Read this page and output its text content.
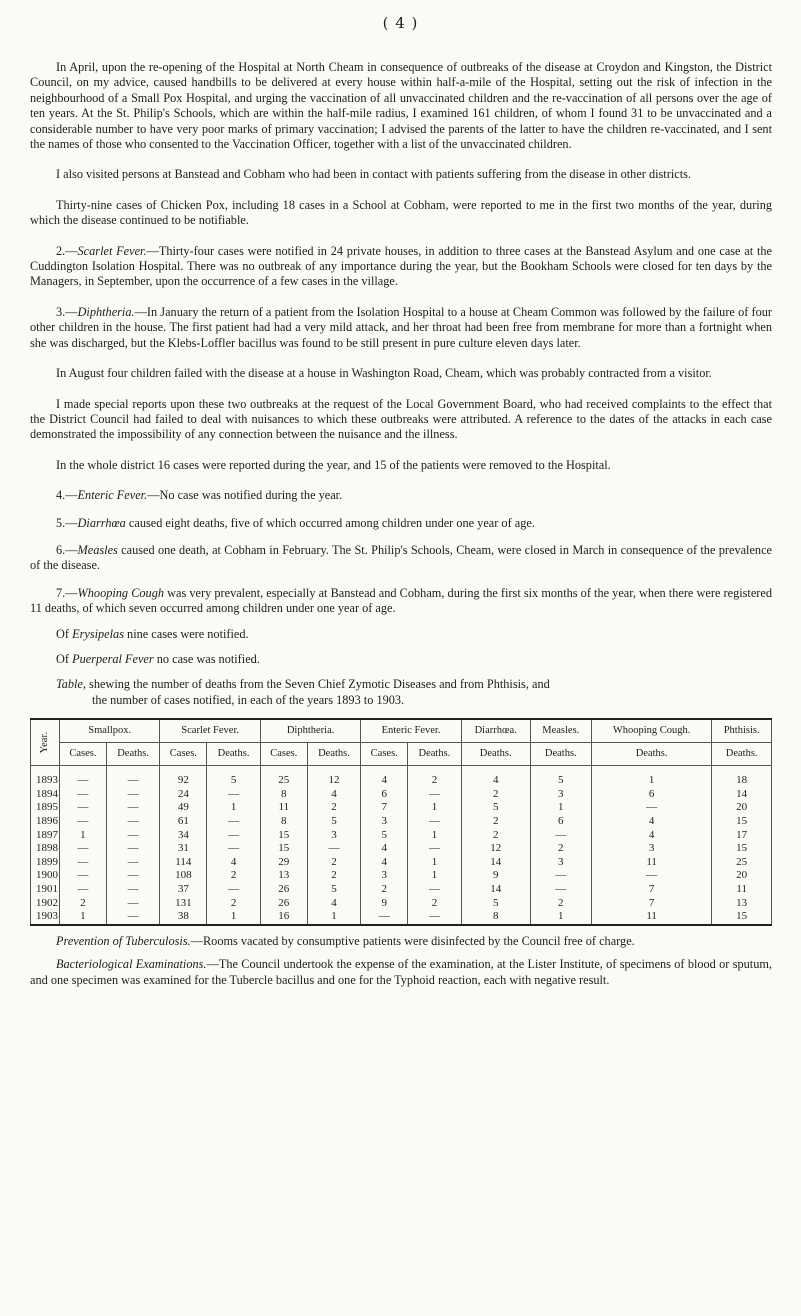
( 4 )

In April, upon the re-opening of the Hospital at North Cheam in consequence of outbreaks of the disease at Croydon and Kingston, the District Council, on my advice, caused handbills to be delivered at every house within half-a-mile of the Hospital, setting out the risk of infection in the neighbourhood of a Small Pox Hospital, and urging the vaccination of all unvaccinated children and the re-vaccination of all persons over the age of ten years. At the St. Philip's Schools, which are within the half-mile radius, I examined 161 children, of whom I found 31 to be unvaccinated and a considerable number to have very poor marks of primary vaccination; I advised the parents of the latter to have the children re-vaccinated, and I sent the names of those who consented to the Vaccination Officer, together with a list of the unvaccinated children.

I also visited persons at Banstead and Cobham who had been in contact with patients suffering from the disease in other districts.

Thirty-nine cases of Chicken Pox, including 18 cases in a School at Cobham, were reported to me in the first two months of the year, during which the disease continued to be notifiable.

2.—Scarlet Fever.—Thirty-four cases were notified in 24 private houses, in addition to three cases at the Banstead Asylum and one case at the Cuddington Isolation Hospital. There was no outbreak of any importance during the year, but the Bookham Schools were closed for ten days by the Managers, in September, upon the occurrence of a few cases in the village.

3.—Diphtheria.—In January the return of a patient from the Isolation Hospital to a house at Cheam Common was followed by the failure of four other children in the house. The first patient had had a very mild attack, and her throat had been free from membrane for more than a fortnight when she was discharged, but the Klebs-Loffler bacillus was found to be still present in pure culture eleven days later.

In August four children failed with the disease at a house in Washington Road, Cheam, which was probably contracted from a visitor.

I made special reports upon these two outbreaks at the request of the Local Government Board, who had received complaints to the effect that the District Council had failed to deal with nuisances to which these outbreaks were attributed. A reference to the dates of the attacks in each case demonstrated the impossibility of any connection between the nuisance and the illness.

In the whole district 16 cases were reported during the year, and 15 of the patients were removed to the Hospital.

4.—Enteric Fever.—No case was notified during the year.

5.—Diarrhœa caused eight deaths, five of which occurred among children under one year of age.

6.—Measles caused one death, at Cobham in February. The St. Philip's Schools, Cheam, were closed in March in consequence of the prevalence of the disease.

7.—Whooping Cough was very prevalent, especially at Banstead and Cobham, during the first six months of the year, when there were registered 11 deaths, of which seven occurred among children under one year of age.

Of Erysipelas nine cases were notified.

Of Puerperal Fever no case was notified.

Table, shewing the number of deaths from the Seven Chief Zymotic Diseases and from Phthisis, and
the number of cases notified, in each of the years 1893 to 1903.

Year.	Smallpox.		Scarlet Fever.		Diphtheria.		Enteric Fever.		Diarrhœa.	Measles.	Whooping Cough.	Phthisis.
	Cases.	Deaths.	Cases.	Deaths.	Cases.	Deaths.	Cases.	Deaths.	Deaths.	Deaths.	Deaths.	Deaths.

1893	—	—	92	5	25	12	4	2	4	5	1	18
1894	—	—	24	—	8	4	6	—	2	3	6	14
1895	—	—	49	1	11	2	7	1	5	1	—	20
1896	—	—	61	—	8	5	3	—	2	6	4	15
1897	1	—	34	—	15	3	5	1	2	—	4	17
1898	—	—	31	—	15	—	4	—	12	2	3	15
1899	—	—	114	4	29	2	4	1	14	3	11	25
1900	—	—	108	2	13	2	3	1	9	—	—	20
1901	—	—	37	—	26	5	2	—	14	—	7	11
1902	2	—	131	2	26	4	9	2	5	2	7	13
1903	1	—	38	1	16	1	—	—	8	1	11	15

Prevention of Tuberculosis.—Rooms vacated by consumptive patients were disinfected by the Council free of charge.

Bacteriological Examinations.—The Council undertook the expense of the examination, at the Lister Institute, of specimens of blood or sputum, and one specimen was examined for the Tubercle bacillus and one for the Typhoid reaction, each with negative result.
